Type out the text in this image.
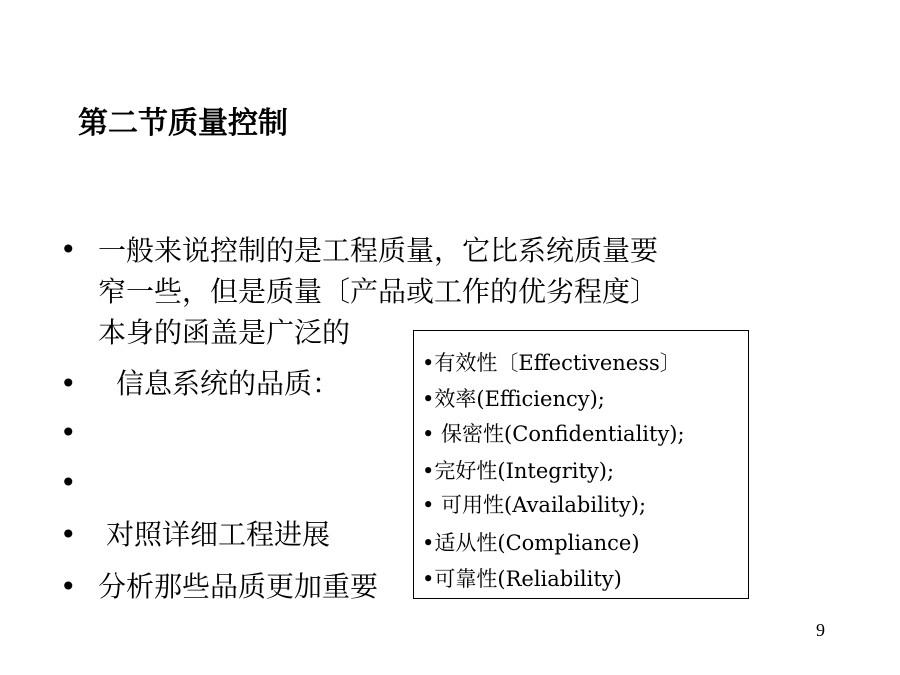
第二节质量控制
• 一般来说控制的是工程质量，它比系统质量要
窄一些，但是质量〔产品或工作的优劣程度〕
本身的函盖是广泛的
•	信息系统的品质：
•
•
•	对照详细工程进展
• 分析那些品质更加重要
•有效性〔Effectiveness〕
•效率(Efficiency);
• 保密性(Confidentiality);
•完好性(Integrity);
• 可用性(Availability);
•适从性(Compliance)
•可靠性(Reliability)
9
